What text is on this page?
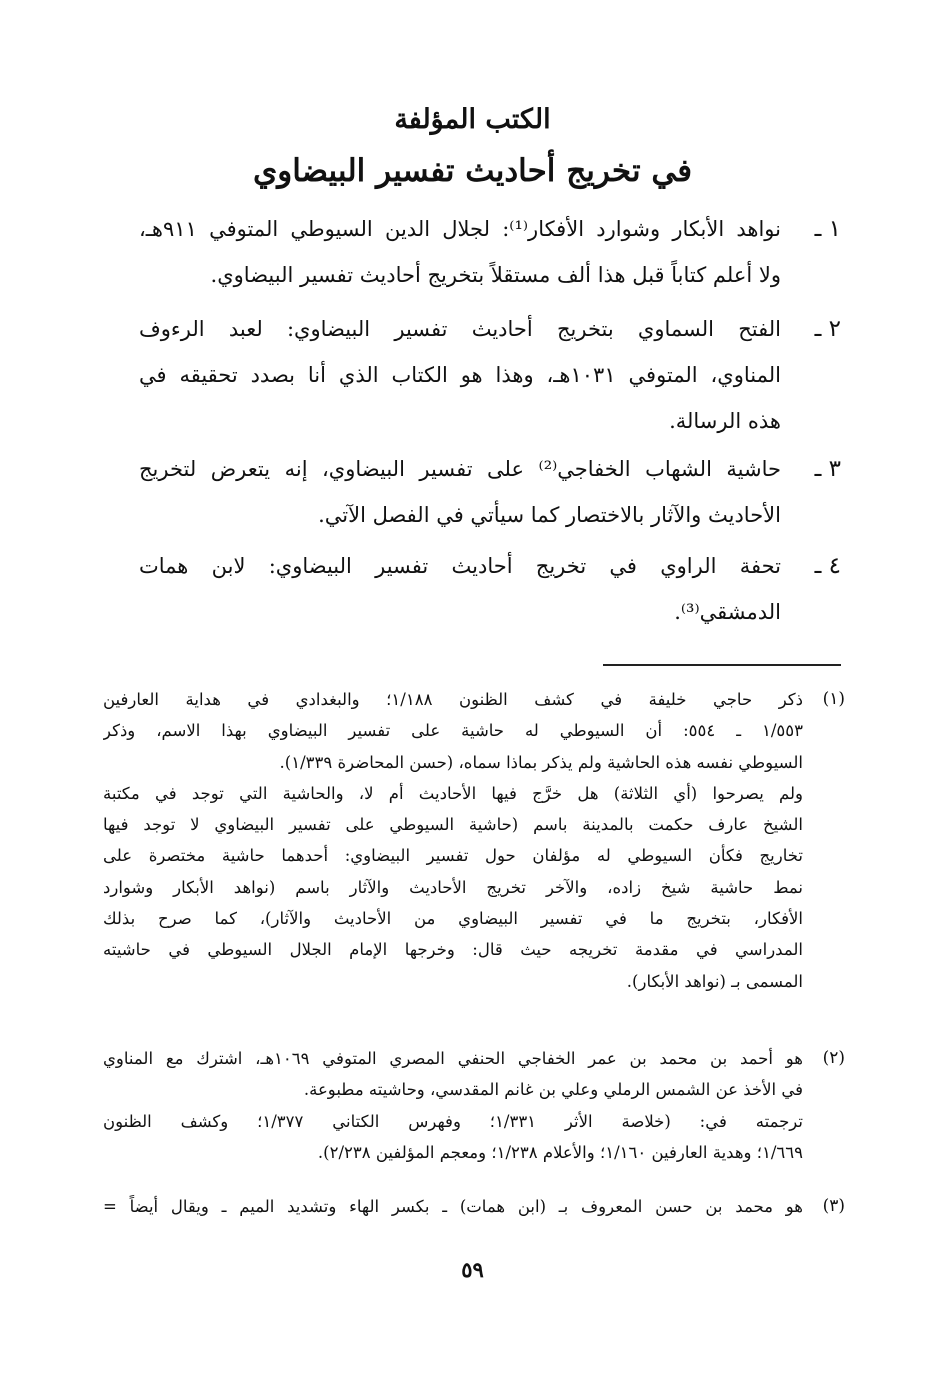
الكتب المؤلفة
في تخريج أحاديث تفسير البيضاوي
١ ـ
نواهد الأبكار وشوارد الأفكار⁽¹⁾: لجلال الدين السيوطي المتوفي ٩١١هـ،
ولا أعلم كتاباً قبل هذا ألف مستقلاً بتخريج أحاديث تفسير البيضاوي.
٢ ـ
الفتح السماوي بتخريج أحاديث تفسير البيضاوي: لعبد الرءوف
المناوي، المتوفي ١٠٣١هـ، وهذا هو الكتاب الذي أنا بصدد تحقيقه في
هذه الرسالة.
٣ ـ
حاشية الشهاب الخفاجي⁽²⁾ على تفسير البيضاوي، إنه يتعرض لتخريج
الأحاديث والآثار بالاختصار كما سيأتي في الفصل الآتي.
٤ ـ
تحفة الراوي في تخريج أحاديث تفسير البيضاوي: لابن همات
الدمشقي⁽³⁾.
(١)
ذكر حاجي خليفة في كشف الظنون ١/١٨٨؛ والبغدادي في هداية العارفين
١/٥٥٣ ـ ٥٥٤: أن السيوطي له حاشية على تفسير البيضاوي بهذا الاسم، وذكر
السيوطي نفسه هذه الحاشية ولم يذكر بماذا سماه، (حسن المحاضرة ١/٣٣٩).
ولم يصرحوا (أي الثلاثة) هل خرَّج فيها الأحاديث أم لا، والحاشية التي توجد في مكتبة
الشيخ عارف حكمت بالمدينة باسم (حاشية السيوطي على تفسير البيضاوي لا توجد فيها
تخاريج فكأن السيوطي له مؤلفان حول تفسير البيضاوي: أحدهما حاشية مختصرة على
نمط حاشية شيخ زاده، والآخر تخريج الأحاديث والآثار باسم (نواهد الأبكار وشوارد
الأفكار، بتخريج ما في تفسير البيضاوي من الأحاديث والآثار)، كما صرح بذلك
المدراسي في مقدمة تخريجه حيث قال: وخرجها الإمام الجلال السيوطي في حاشيته
المسمى بـ (نواهد الأبكار).
(٢)
هو أحمد بن محمد بن عمر الخفاجي الحنفي المصري المتوفي ١٠٦٩هـ، اشترك مع المناوي
في الأخذ عن الشمس الرملي وعلي بن غانم المقدسي، وحاشيته مطبوعة.
ترجمته في: (خلاصة الأثر ١/٣٣١؛ وفهرس الكتاني ١/٣٧٧؛ وكشف الظنون
١/٦٦٩؛ وهدية العارفين ١/١٦٠؛ والأعلام ١/٢٣٨؛ ومعجم المؤلفين ٢/٢٣٨).
(٣)
هو محمد بن حسن المعروف بـ (ابن همات) ـ بكسر الهاء وتشديد الميم ـ ويقال أيضاً =
٥٩
